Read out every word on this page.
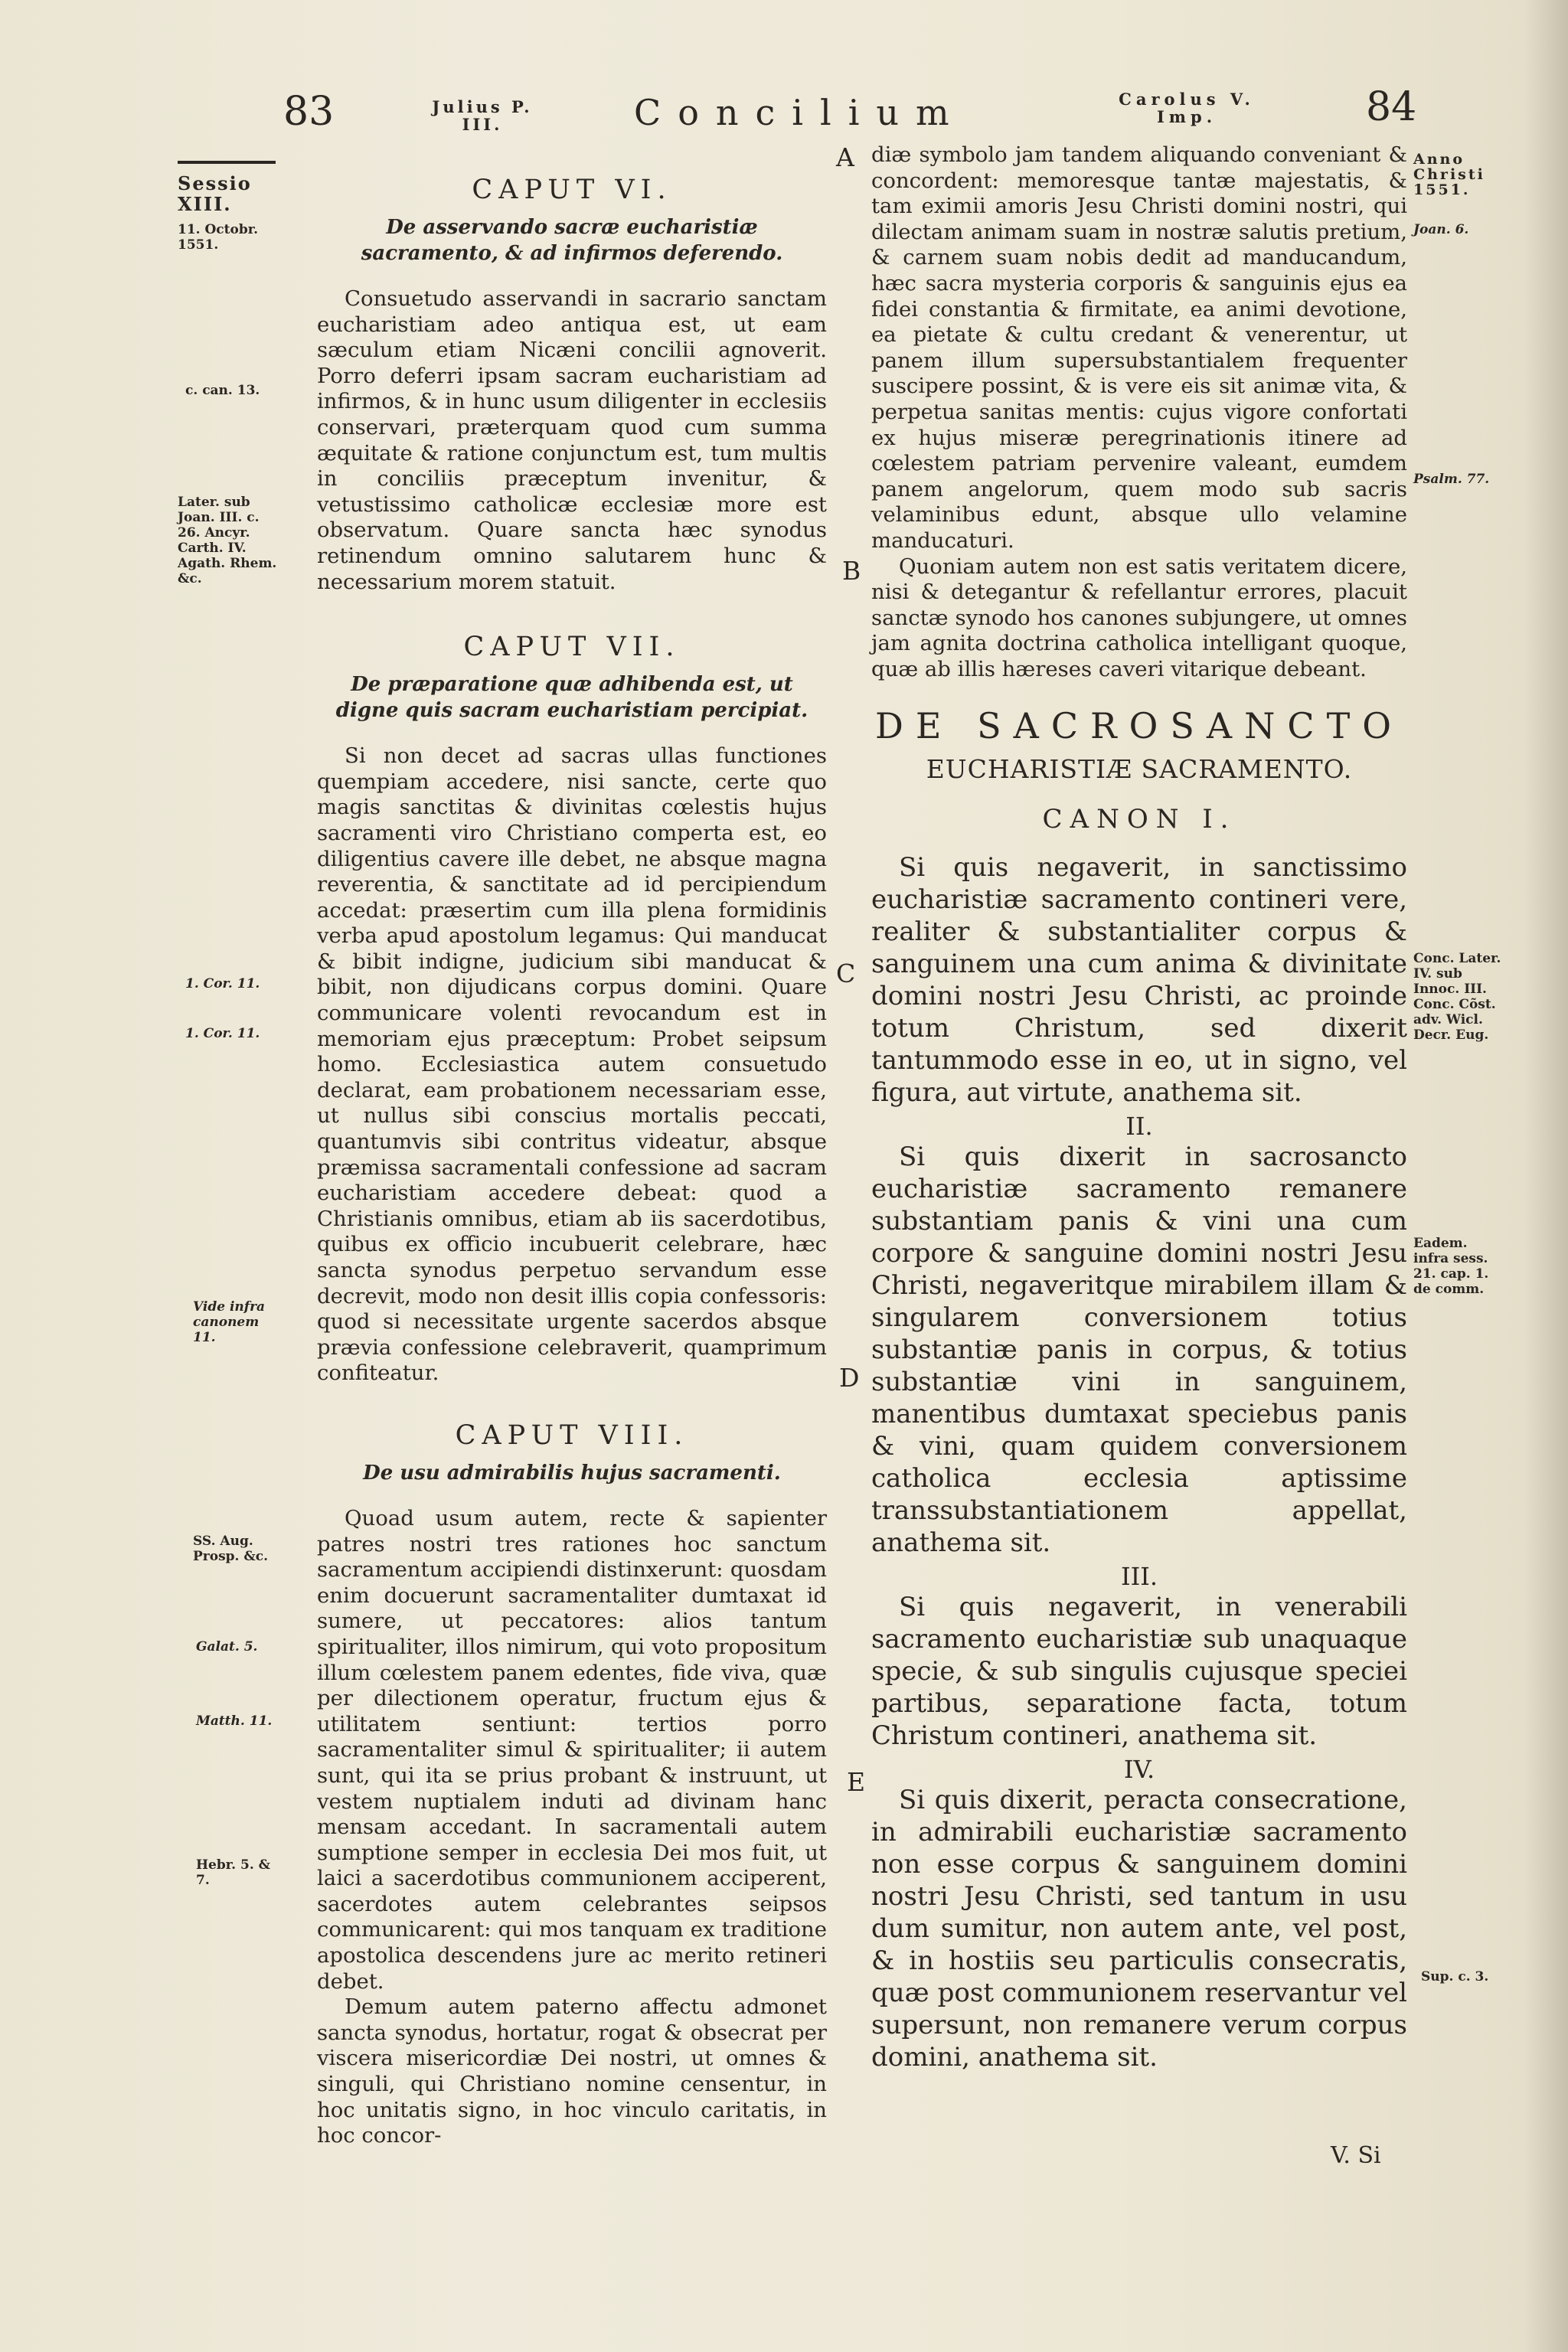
83	Julius P. III.	Concilium	Carolus V. Imp.	84
Sessio XIII.
11. Octobr. 1551.
c. can. 13.
Later. sub Joan. III. c. 26. Ancyr. Carth. IV. Agath. Rhem. &c.
1. Cor. 11.
1. Cor. 11.
Vide infra canonem 11.
SS. Aug. Prosp. &c.
Galat. 5.
Matth. 11.
Hebr. 5. & 7.
CAPUT VI.
De asservando sacræ eucharistiæ sacramento, & ad infirmos deferendo.

Consuetudo asservandi in sacrario sanctam eucharistiam adeo antiqua est, ut eam sæculum etiam Nicæni concilii agnoverit. Porro deferri ipsam sacram eucharistiam ad infirmos, & in hunc usum diligenter in ecclesiis conservari, præterquam quod cum summa æquitate & ratione conjunctum est, tum multis in conciliis præceptum invenitur, & vetustissimo catholicæ ecclesiæ more est observatum. Quare sancta hæc synodus retinendum omnino salutarem hunc & necessarium morem statuit.

CAPUT VII.
De præparatione quæ adhibenda est, ut digne quis sacram eucharistiam percipiat.

Si non decet ad sacras ullas functiones quempiam accedere, nisi sancte, certe quo magis sanctitas & divinitas cœlestis hujus sacramenti viro Christiano comperta est, eo diligentius cavere ille debet, ne absque magna reverentia, & sanctitate ad id percipiendum accedat: præsertim cum illa plena formidinis verba apud apostolum legamus: Qui manducat & bibit indigne, judicium sibi manducat & bibit, non dijudicans corpus domini. Quare communicare volenti revocandum est in memoriam ejus præceptum: Probet seipsum homo. Ecclesiastica autem consuetudo declarat, eam probationem necessariam esse, ut nullus sibi conscius mortalis peccati, quantumvis sibi contritus videatur, absque præmissa sacramentali confessione ad sacram eucharistiam accedere debeat: quod a Christianis omnibus, etiam ab iis sacerdotibus, quibus ex officio incubuerit celebrare, hæc sancta synodus perpetuo servandum esse decrevit, modo non desit illis copia confessoris: quod si necessitate urgente sacerdos absque prævia confessione celebraverit, quamprimum confiteatur.

CAPUT VIII.
De usu admirabilis hujus sacramenti.

Quoad usum autem, recte & sapienter patres nostri tres rationes hoc sanctum sacramentum accipiendi distinxerunt: quosdam enim docuerunt sacramentaliter dumtaxat id sumere, ut peccatores: alios tantum spiritualiter, illos nimirum, qui voto propositum illum cœlestem panem edentes, fide viva, quæ per dilectionem operatur, fructum ejus & utilitatem sentiunt: tertios porro sacramentaliter simul & spiritualiter; ii autem sunt, qui ita se prius probant & instruunt, ut vestem nuptialem induti ad divinam hanc mensam accedant. In sacramentali autem sumptione semper in ecclesia Dei mos fuit, ut laici a sacerdotibus communionem acciperent, sacerdotes autem celebrantes seipsos communicarent: qui mos tanquam ex traditione apostolica descendens jure ac merito retineri debet.

Demum autem paterno affectu admonet sancta synodus, hortatur, rogat & obsecrat per viscera misericordiæ Dei nostri, ut omnes & singuli, qui Christiano nomine censentur, in hoc unitatis signo, in hoc vinculo caritatis, in hoc concor-

A
B
C
D
E

diæ symbolo jam tandem aliquando conveniant & concordent: memoresque tantæ majestatis, & tam eximii amoris Jesu Christi domini nostri, qui dilectam animam suam in nostræ salutis pretium, & carnem suam nobis dedit ad manducandum, hæc sacra mysteria corporis & sanguinis ejus ea fidei constantia & firmitate, ea animi devotione, ea pietate & cultu credant & venerentur, ut panem illum supersubstantialem frequenter suscipere possint, & is vere eis sit animæ vita, & perpetua sanitas mentis: cujus vigore confortati ex hujus miseræ peregrinationis itinere ad cœlestem patriam pervenire valeant, eumdem panem angelorum, quem modo sub sacris velaminibus edunt, absque ullo velamine manducaturi.

Quoniam autem non est satis veritatem dicere, nisi & detegantur & refellantur errores, placuit sanctæ synodo hos canones subjungere, ut omnes jam agnita doctrina catholica intelligant quoque, quæ ab illis hæreses caveri vitarique debeant.

DE SACROSANCTO
EUCHARISTIÆ SACRAMENTO.
CANON I.

Si quis negaverit, in sanctissimo eucharistiæ sacramento contineri vere, realiter & substantialiter corpus & sanguinem una cum anima & divinitate domini nostri Jesu Christi, ac proinde totum Christum, sed dixerit tantummodo esse in eo, ut in signo, vel figura, aut virtute, anathema sit.

II.

Si quis dixerit in sacrosancto eucharistiæ sacramento remanere substantiam panis & vini una cum corpore & sanguine domini nostri Jesu Christi, negaveritque mirabilem illam & singularem conversionem totius substantiæ panis in corpus, & totius substantiæ vini in sanguinem, manentibus dumtaxat speciebus panis & vini, quam quidem conversionem catholica ecclesia aptissime transsubstantiationem appellat, anathema sit.

III.

Si quis negaverit, in venerabili sacramento eucharistiæ sub unaquaque specie, & sub singulis cujusque speciei partibus, separatione facta, totum Christum contineri, anathema sit.

IV.

Si quis dixerit, peracta consecratione, in admirabili eucharistiæ sacramento non esse corpus & sanguinem domini nostri Jesu Christi, sed tantum in usu dum sumitur, non autem ante, vel post, & in hostiis seu particulis consecratis, quæ post communionem reservantur vel supersunt, non remanere verum corpus domini, anathema sit.

V. Si
Anno Christi 1551.
Joan. 6.
Psalm. 77.
Conc. Later. IV. sub Innoc. III. Conc. Cõst. adv. Wicl. Decr. Eug.
Eadem. infra sess. 21. cap. 1. de comm.
Sup. c. 3.
